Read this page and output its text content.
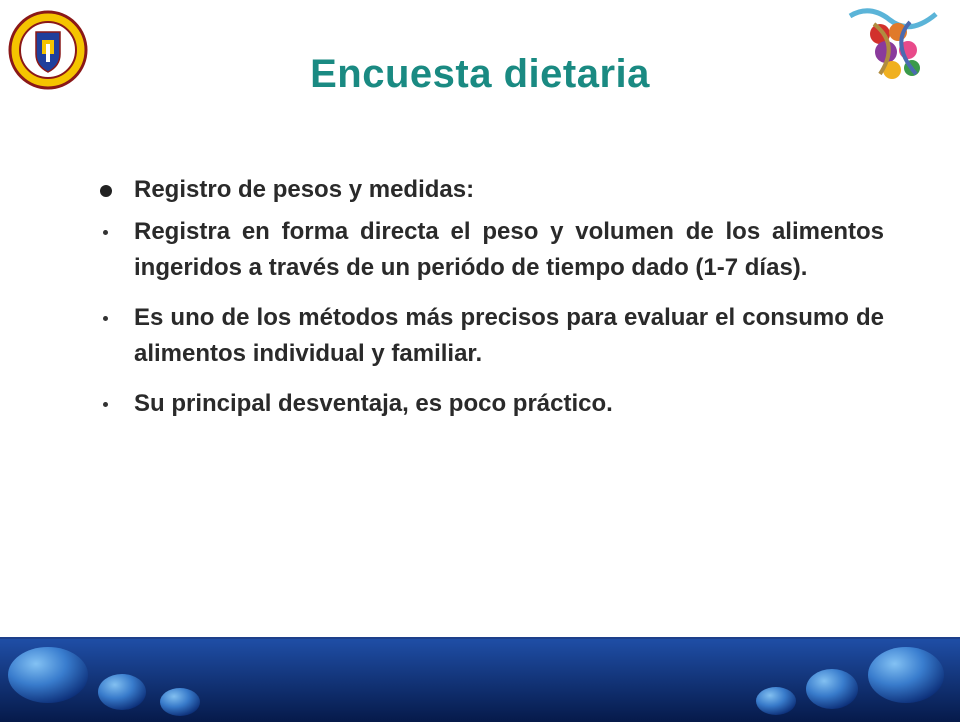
Encuesta dietaria
Registro de pesos y medidas:
Registra en forma directa el peso y volumen de los alimentos ingeridos a través de un periódo de tiempo dado (1-7 días).
Es uno de los métodos más precisos para evaluar el consumo de alimentos individual y familiar.
Su principal desventaja, es poco práctico.
